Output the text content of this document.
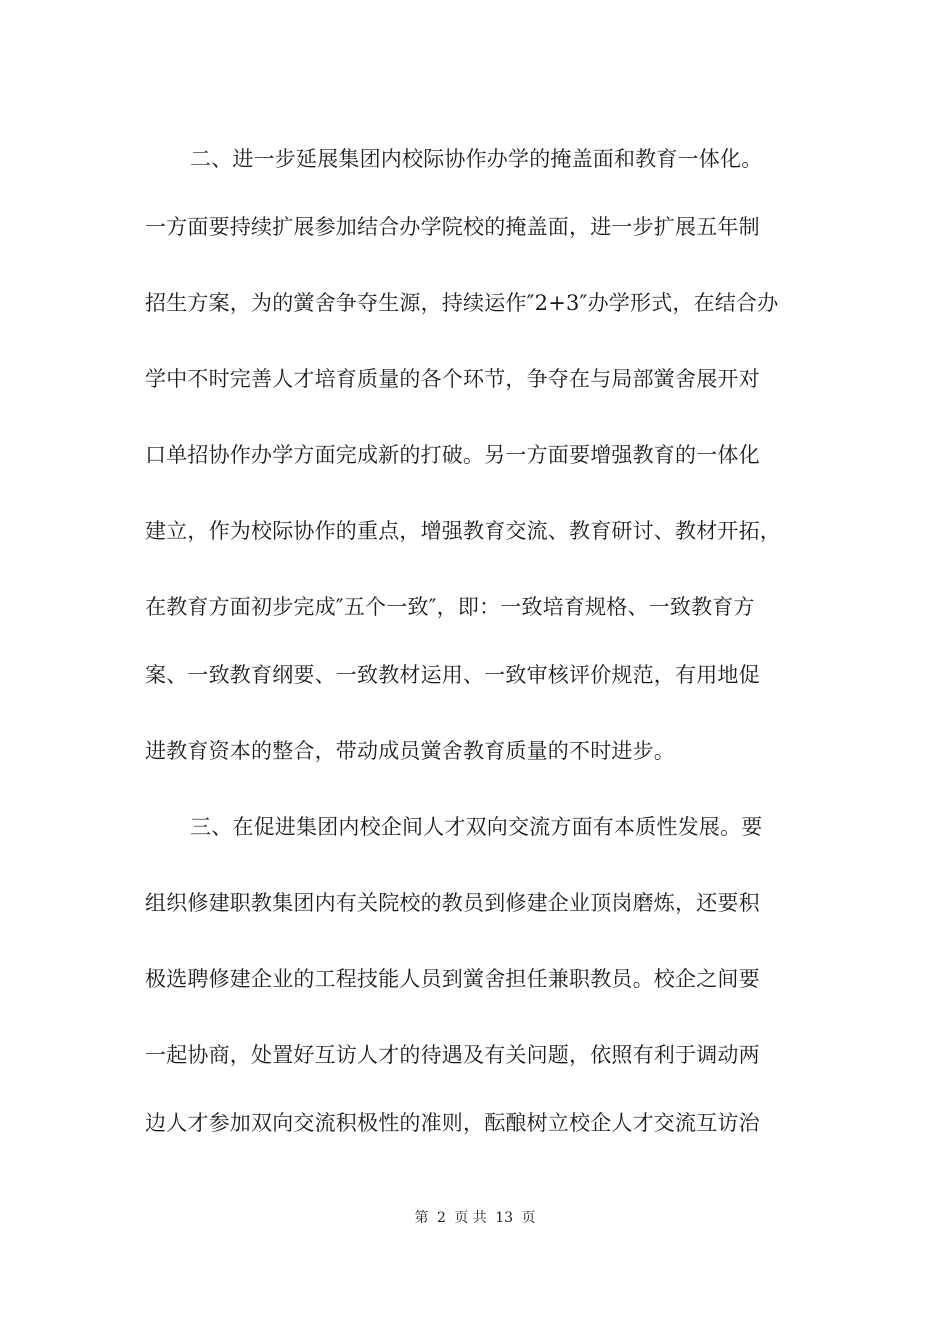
二、进一步延展集团内校际协作办学的掩盖面和教育一体化。
一方面要持续扩展参加结合办学院校的掩盖面，进一步扩展五年制
招生方案，为的黉舍争夺生源，持续运作″2+3″办学形式，在结合办
学中不时完善人才培育质量的各个环节，争夺在与局部黉舍展开对
口单招协作办学方面完成新的打破。另一方面要增强教育的一体化
建立，作为校际协作的重点，增强教育交流、教育研讨、教材开拓，
在教育方面初步完成″五个一致″，即：一致培育规格、一致教育方
案、一致教育纲要、一致教材运用、一致审核评价规范，有用地促
进教育资本的整合，带动成员黉舍教育质量的不时进步。
三、在促进集团内校企间人才双向交流方面有本质性发展。要
组织修建职教集团内有关院校的教员到修建企业顶岗磨炼，还要积
极选聘修建企业的工程技能人员到黉舍担任兼职教员。校企之间要
一起协商，处置好互访人才的待遇及有关问题，依照有利于调动两
边人才参加双向交流积极性的准则，酝酿树立校企人才交流互访治
第 2 页 共 13 页
